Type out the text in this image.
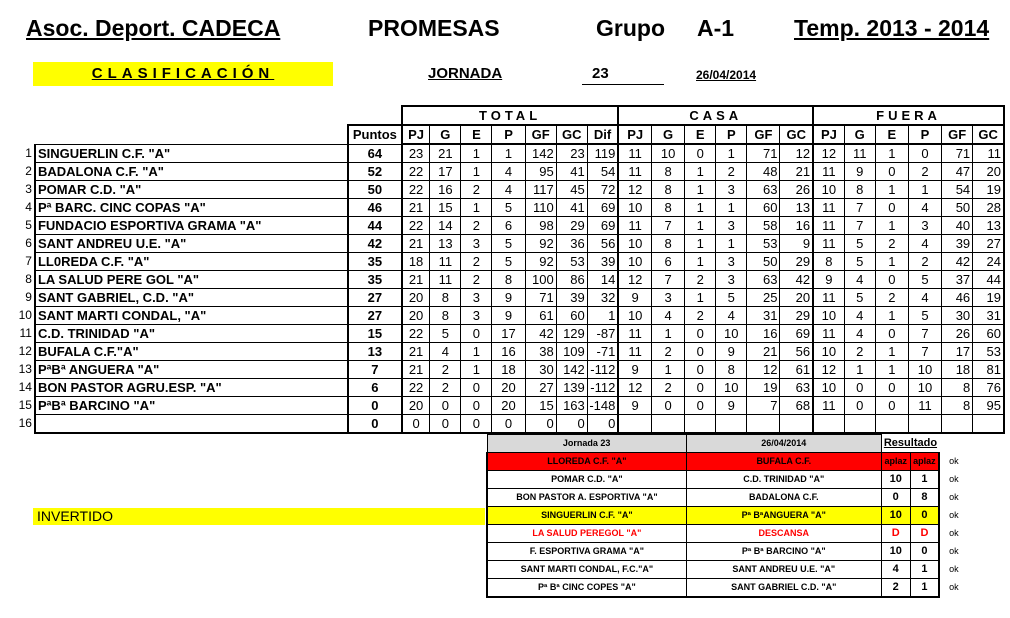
Asoc. Deport. CADECA	PROMESAS	Grupo A-1	Temp. 2013 - 2014
CLASIFICACIÓN	JORNADA	23	26/04/2014
			TOTAL							CASA						FUERA					
		Puntos	PJ	G	E	P	GF	GC	Dif	PJ	G	E	P	GF	GC	PJ	G	E	P	GF	GC
1	SINGUERLIN C.F. "A"	64	23	21	1	1	142	23	119	11	10	0	1	71	12	12	11	1	0	71	11
2	BADALONA C.F. "A"	52	22	17	1	4	95	41	54	11	8	1	2	48	21	11	9	0	2	47	20
3	POMAR C.D. "A"	50	22	16	2	4	117	45	72	12	8	1	3	63	26	10	8	1	1	54	19
4	Pª BARC. CINC COPAS "A"	46	21	15	1	5	110	41	69	10	8	1	1	60	13	11	7	0	4	50	28
5	FUNDACIO ESPORTIVA GRAMA "A"	44	22	14	2	6	98	29	69	11	7	1	3	58	16	11	7	1	3	40	13
6	SANT ANDREU U.E. "A"	42	21	13	3	5	92	36	56	10	8	1	1	53	9	11	5	2	4	39	27
7	LL0REDA C.F. "A"	35	18	11	2	5	92	53	39	10	6	1	3	50	29	8	5	1	2	42	24
8	LA SALUD PERE GOL "A"	35	21	11	2	8	100	86	14	12	7	2	3	63	42	9	4	0	5	37	44
9	SANT GABRIEL, C.D. "A"	27	20	8	3	9	71	39	32	9	3	1	5	25	20	11	5	2	4	46	19
10	SANT MARTI CONDAL, "A"	27	20	8	3	9	61	60	1	10	4	2	4	31	29	10	4	1	5	30	31
11	C.D. TRINIDAD "A"	15	22	5	0	17	42	129	-87	11	1	0	10	16	69	11	4	0	7	26	60
12	BUFALA C.F."A"	13	21	4	1	16	38	109	-71	11	2	0	9	21	56	10	2	1	7	17	53
13	PªBª ANGUERA "A"	7	21	2	1	18	30	142	-112	9	1	0	8	12	61	12	1	1	10	18	81
14	BON PASTOR AGRU.ESP. "A"	6	22	2	0	20	27	139	-112	12	2	0	10	19	63	10	0	0	10	8	76
15	PªBª BARCINO "A"	0	20	0	0	20	15	163	-148	9	0	0	9	7	68	11	0	0	11	8	95
16		0	0	0	0	0	0	0	0												
INVERTIDO
Jornada 23	26/04/2014	Resultado		
LLOREDA C.F. "A"	BUFALA C.F.	aplaz	aplaz	ok
POMAR C.D. "A"	C.D. TRINIDAD "A"	10	1	ok
BON PASTOR A. ESPORTIVA "A"	BADALONA C.F.	0	8	ok
SINGUERLIN C.F. "A"	Pª BªANGUERA "A"	10	0	ok
LA SALUD PEREGOL "A"	DESCANSA	D	D	ok
F. ESPORTIVA GRAMA "A"	Pª Bª BARCINO "A"	10	0	ok
SANT MARTI CONDAL, F.C."A"	SANT ANDREU U.E. "A"	4	1	ok
Pª Bª CINC COPES "A"	SANT GABRIEL C.D. "A"	2	1	ok
